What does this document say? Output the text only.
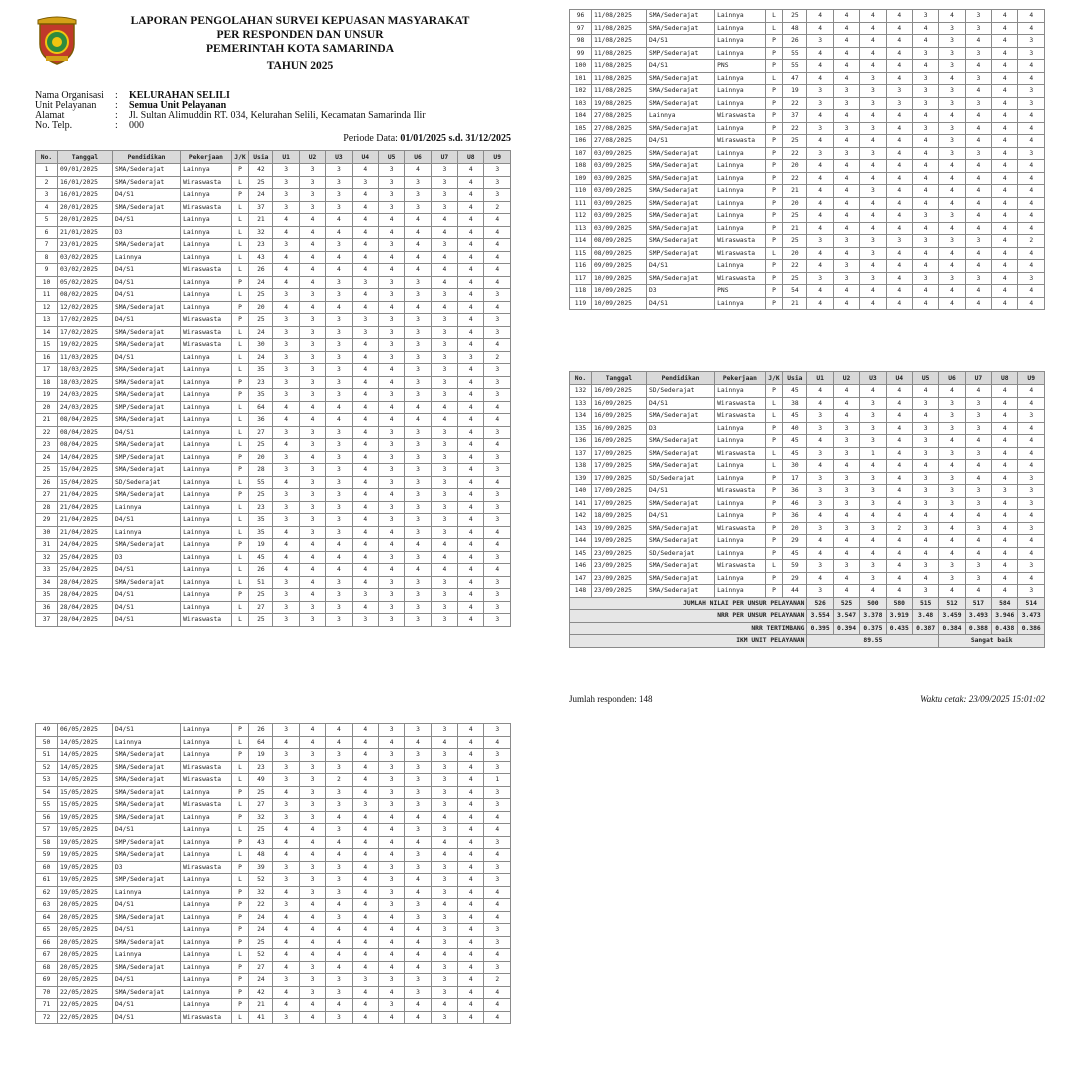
LAPORAN PENGOLAHAN SURVEI KEPUASAN MASYARAKAT
PER RESPONDEN DAN UNSUR
PEMERINTAH KOTA SAMARINDA
TAHUN 2025
Nama Organisasi : KELURAHAN SELILI
Unit Pelayanan : Semua Unit Pelayanan
Alamat	: Jl. Sultan Alimuddin RT. 034, Kelurahan Selili, Kecamatan Samarinda Ilir
No. Telp.	: 000
Periode Data: 01/01/2025 s.d. 31/12/2025
No.	Tanggal	Pendidikan	Pekerjaan	J/K	Usia	U1	U2	U3	U4	U5	U6	U7	U8	U9
1	09/01/2025	SMA/Sederajat	Lainnya	P	42	3	3	3	4	3	4	3	4	3
2	16/01/2025	SMA/Sederajat	Wiraswasta	L	25	3	3	3	3	3	3	3	4	3
3	16/01/2025	D4/S1	Lainnya	P	24	3	3	3	4	3	3	3	4	3
4	20/01/2025	SMA/Sederajat	Wiraswasta	L	37	3	3	3	4	3	3	3	4	2
5	20/01/2025	D4/S1	Lainnya	L	21	4	4	4	4	4	4	4	4	4
6	21/01/2025	D3	Lainnya	L	32	4	4	4	4	4	4	4	4	4
7	23/01/2025	SMA/Sederajat	Lainnya	L	23	3	4	3	4	3	4	3	4	4
8	03/02/2025	Lainnya	Lainnya	L	43	4	4	4	4	4	4	4	4	4
9	03/02/2025	D4/S1	Wiraswasta	L	26	4	4	4	4	4	4	4	4	4
10	05/02/2025	D4/S1	Lainnya	P	24	4	4	3	3	3	3	4	4	4
11	08/02/2025	D4/S1	Lainnya	L	25	3	3	3	4	3	3	3	4	3
12	12/02/2025	SMA/Sederajat	Lainnya	P	20	4	4	4	4	4	4	4	4	4
13	17/02/2025	D4/S1	Wiraswasta	P	25	3	3	3	3	3	3	3	4	3
14	17/02/2025	SMA/Sederajat	Wiraswasta	L	24	3	3	3	3	3	3	3	4	3
15	19/02/2025	SMA/Sederajat	Wiraswasta	L	30	3	3	3	4	3	3	3	4	4
16	11/03/2025	D4/S1	Lainnya	L	24	3	3	3	4	3	3	3	3	2
17	18/03/2025	SMA/Sederajat	Lainnya	L	35	3	3	3	4	4	3	3	4	3
18	18/03/2025	SMA/Sederajat	Lainnya	P	23	3	3	3	4	4	3	3	4	3
19	24/03/2025	SMA/Sederajat	Lainnya	P	35	3	3	3	4	3	3	3	4	3
20	24/03/2025	SMP/Sederajat	Lainnya	L	64	4	4	4	4	4	4	4	4	4
21	08/04/2025	SMA/Sederajat	Lainnya	L	36	4	4	4	4	4	4	4	4	4
22	08/04/2025	D4/S1	Lainnya	L	27	3	3	3	4	3	3	3	4	3
23	08/04/2025	SMA/Sederajat	Lainnya	L	25	4	3	3	4	3	3	3	4	4
24	14/04/2025	SMP/Sederajat	Lainnya	P	20	3	4	3	4	3	3	3	4	3
25	15/04/2025	SMA/Sederajat	Lainnya	P	28	3	3	3	4	3	3	3	4	3
26	15/04/2025	SD/Sederajat	Lainnya	L	55	4	3	3	4	3	3	3	4	4
27	21/04/2025	SMA/Sederajat	Lainnya	P	25	3	3	3	4	4	3	3	4	3
28	21/04/2025	Lainnya	Lainnya	L	23	3	3	3	4	3	3	3	4	3
29	21/04/2025	D4/S1	Lainnya	L	35	3	3	3	4	3	3	3	4	3
30	21/04/2025	Lainnya	Lainnya	L	35	4	3	3	4	4	3	3	4	4
31	24/04/2025	SMA/Sederajat	Lainnya	P	19	4	4	4	4	4	4	4	4	4
32	25/04/2025	D3	Lainnya	L	45	4	4	4	4	3	3	4	4	3
33	25/04/2025	D4/S1	Lainnya	L	26	4	4	4	4	4	4	4	4	4
34	28/04/2025	SMA/Sederajat	Lainnya	L	51	3	4	3	4	3	3	3	4	3
35	28/04/2025	D4/S1	Lainnya	P	25	3	4	3	3	3	3	3	4	3
36	28/04/2025	D4/S1	Lainnya	L	27	3	3	3	4	3	3	3	4	3
37	28/04/2025	D4/S1	Wiraswasta	L	25	3	3	3	3	3	3	3	4	3
49	06/05/2025	D4/S1	Lainnya	P	26	3	4	4	4	3	3	3	4	3
50	14/05/2025	Lainnya	Lainnya	L	64	4	4	4	4	4	4	4	4	4
51	14/05/2025	SMA/Sederajat	Lainnya	P	19	3	3	3	4	3	3	3	4	3
52	14/05/2025	SMA/Sederajat	Wiraswasta	L	23	3	3	3	4	3	3	3	4	3
53	14/05/2025	SMA/Sederajat	Wiraswasta	L	49	3	3	2	4	3	3	3	4	1
54	15/05/2025	SMA/Sederajat	Lainnya	P	25	4	3	3	4	3	3	3	4	3
55	15/05/2025	SMA/Sederajat	Wiraswasta	L	27	3	3	3	3	3	3	3	4	3
56	19/05/2025	SMA/Sederajat	Lainnya	P	32	3	3	4	4	4	4	4	4	4
57	19/05/2025	D4/S1	Lainnya	L	25	4	4	3	4	4	3	3	4	4
58	19/05/2025	SMP/Sederajat	Lainnya	P	43	4	4	4	4	4	4	4	4	3
59	19/05/2025	SMA/Sederajat	Lainnya	L	48	4	4	4	4	4	3	4	4	4
60	19/05/2025	D3	Wiraswasta	P	39	3	3	3	4	3	3	3	4	3
61	19/05/2025	SMP/Sederajat	Lainnya	L	52	3	3	3	4	3	4	3	4	3
62	19/05/2025	Lainnya	Lainnya	P	32	4	3	3	4	3	4	3	4	4
63	20/05/2025	D4/S1	Lainnya	P	22	3	4	4	4	3	3	4	4	4
64	20/05/2025	SMA/Sederajat	Lainnya	P	24	4	4	3	4	4	3	3	4	4
65	20/05/2025	D4/S1	Lainnya	P	24	4	4	4	4	4	4	3	4	3
66	20/05/2025	SMA/Sederajat	Lainnya	P	25	4	4	4	4	4	4	3	4	3
67	20/05/2025	Lainnya	Lainnya	L	52	4	4	4	4	4	4	4	4	4
68	20/05/2025	SMA/Sederajat	Lainnya	P	27	4	3	4	4	4	4	3	4	3
69	20/05/2025	D4/S1	Lainnya	P	24	3	3	3	3	3	3	3	4	2
70	22/05/2025	SMA/Sederajat	Lainnya	P	42	4	3	3	4	4	3	3	4	4
71	22/05/2025	D4/S1	Lainnya	P	21	4	4	4	4	3	4	4	4	4
72	22/05/2025	D4/S1	Wiraswasta	L	41	3	4	3	4	4	4	3	4	4
96	11/08/2025	SMA/Sederajat	Lainnya	L	25	4	4	4	4	3	4	3	4	4
97	11/08/2025	SMA/Sederajat	Lainnya	L	48	4	4	4	4	4	3	3	4	4
98	11/08/2025	D4/S1	Lainnya	P	26	3	4	4	4	4	3	4	4	3
99	11/08/2025	SMP/Sederajat	Lainnya	P	55	4	4	4	4	3	3	3	4	3
100	11/08/2025	D4/S1	PNS	P	55	4	4	4	4	4	3	4	4	4
101	11/08/2025	SMA/Sederajat	Lainnya	L	47	4	4	3	4	3	4	3	4	4
102	11/08/2025	SMA/Sederajat	Lainnya	P	19	3	3	3	3	3	3	4	4	3
103	19/08/2025	SMA/Sederajat	Lainnya	P	22	3	3	3	3	3	3	3	4	3
104	27/08/2025	Lainnya	Wiraswasta	P	37	4	4	4	4	4	4	4	4	4
105	27/08/2025	SMA/Sederajat	Lainnya	P	22	3	3	3	4	3	3	4	4	4
106	27/08/2025	D4/S1	Wiraswasta	P	25	4	4	4	4	4	3	4	4	4
107	03/09/2025	SMA/Sederajat	Lainnya	P	22	3	3	3	4	4	3	3	4	3
108	03/09/2025	SMA/Sederajat	Lainnya	P	20	4	4	4	4	4	4	4	4	4
109	03/09/2025	SMA/Sederajat	Lainnya	P	22	4	4	4	4	4	4	4	4	4
110	03/09/2025	SMA/Sederajat	Lainnya	P	21	4	4	3	4	4	4	4	4	4
111	03/09/2025	SMA/Sederajat	Lainnya	P	20	4	4	4	4	4	4	4	4	4
112	03/09/2025	SMA/Sederajat	Lainnya	P	25	4	4	4	4	3	3	4	4	4
113	03/09/2025	SMA/Sederajat	Lainnya	P	21	4	4	4	4	4	4	4	4	4
114	08/09/2025	SMA/Sederajat	Wiraswasta	P	25	3	3	3	3	3	3	3	4	2
115	08/09/2025	SMP/Sederajat	Wiraswasta	L	20	4	4	3	4	4	4	4	4	4
116	09/09/2025	D4/S1	Lainnya	P	22	4	3	4	4	4	4	4	4	4
117	10/09/2025	SMA/Sederajat	Wiraswasta	P	25	3	3	3	4	3	3	3	4	3
118	10/09/2025	D3	PNS	P	54	4	4	4	4	4	4	4	4	4
119	10/09/2025	D4/S1	Lainnya	P	21	4	4	4	4	4	4	4	4	4
No.	Tanggal	Pendidikan	Pekerjaan	J/K	Usia	U1	U2	U3	U4	U5	U6	U7	U8	U9
132	16/09/2025	SD/Sederajat	Lainnya	P	45	4	4	4	4	4	4	4	4	4
133	16/09/2025	D4/S1	Wiraswasta	L	38	4	4	3	4	3	3	3	4	4
134	16/09/2025	SMA/Sederajat	Wiraswasta	L	45	3	4	3	4	4	3	3	4	3
135	16/09/2025	D3	Lainnya	P	40	3	3	3	4	3	3	3	4	4
136	16/09/2025	SMA/Sederajat	Lainnya	P	45	4	3	3	4	3	4	4	4	4
137	17/09/2025	SMA/Sederajat	Wiraswasta	L	45	3	3	1	4	3	3	3	4	4
138	17/09/2025	SMA/Sederajat	Lainnya	L	30	4	4	4	4	4	4	4	4	4
139	17/09/2025	SD/Sederajat	Lainnya	P	17	3	3	3	4	3	3	4	4	3
140	17/09/2025	D4/S1	Wiraswasta	P	36	3	3	3	4	3	3	3	3	3
141	17/09/2025	SMA/Sederajat	Lainnya	P	46	3	3	3	4	3	3	3	4	3
142	18/09/2025	D4/S1	Lainnya	P	36	4	4	4	4	4	4	4	4	4
143	19/09/2025	SMA/Sederajat	Wiraswasta	P	20	3	3	3	2	3	4	3	4	3
144	19/09/2025	SMA/Sederajat	Lainnya	P	29	4	4	4	4	4	4	4	4	4
145	23/09/2025	SD/Sederajat	Lainnya	P	45	4	4	4	4	4	4	4	4	4
146	23/09/2025	SMA/Sederajat	Wiraswasta	L	59	3	3	3	4	3	3	3	4	3
147	23/09/2025	SMA/Sederajat	Lainnya	P	29	4	4	3	4	4	3	3	4	4
148	23/09/2025	SMA/Sederajat	Lainnya	P	44	3	4	4	4	3	4	4	4	3
JUMLAH NILAI PER UNSUR PELAYANAN						526	525	500	580	515	512	517	584	514
NRR PER UNSUR PELAYANAN						3.554	3.547	3.378	3.919	3.48	3.459	3.493	3.946	3.473
NRR TERTIMBANG						0.395	0.394	0.375	0.435	0.387	0.384	0.388	0.438	0.386
IKM UNIT PELAYANAN						89.55					Sangat baik			
Jumlah responden: 148	Waktu cetak: 23/09/2025 15:01:02
